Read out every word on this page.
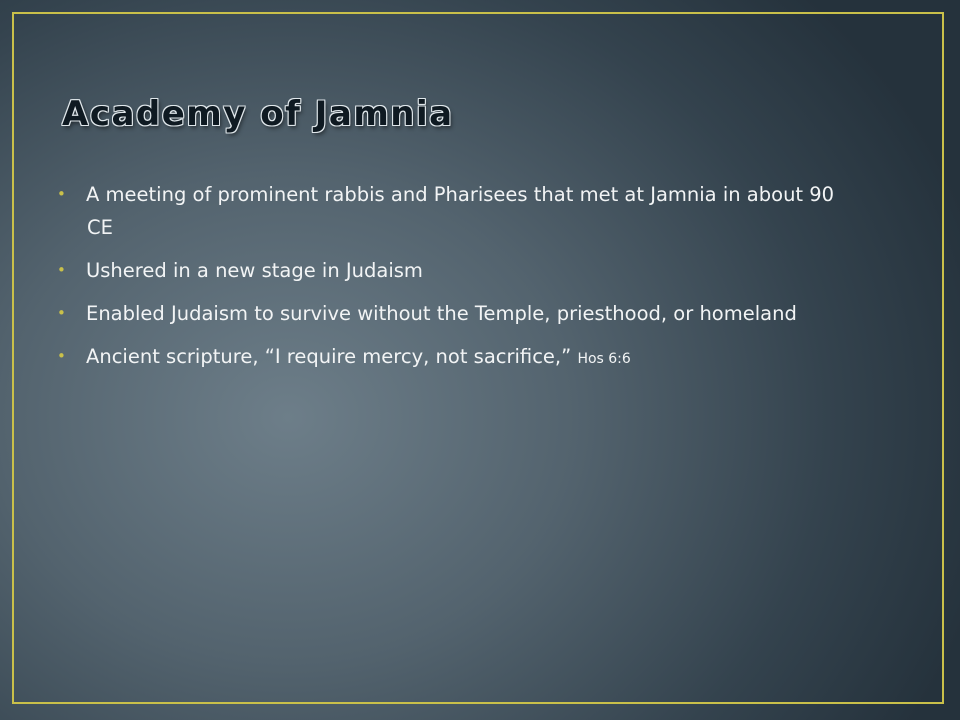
Academy of Jamnia
• A meeting of prominent rabbis and Pharisees that met at Jamnia in about 90 CE
• Ushered in a new stage in Judaism
• Enabled Judaism to survive without the Temple, priesthood, or homeland
• Ancient scripture, “I require mercy, not sacrifice,” Hos 6:6
